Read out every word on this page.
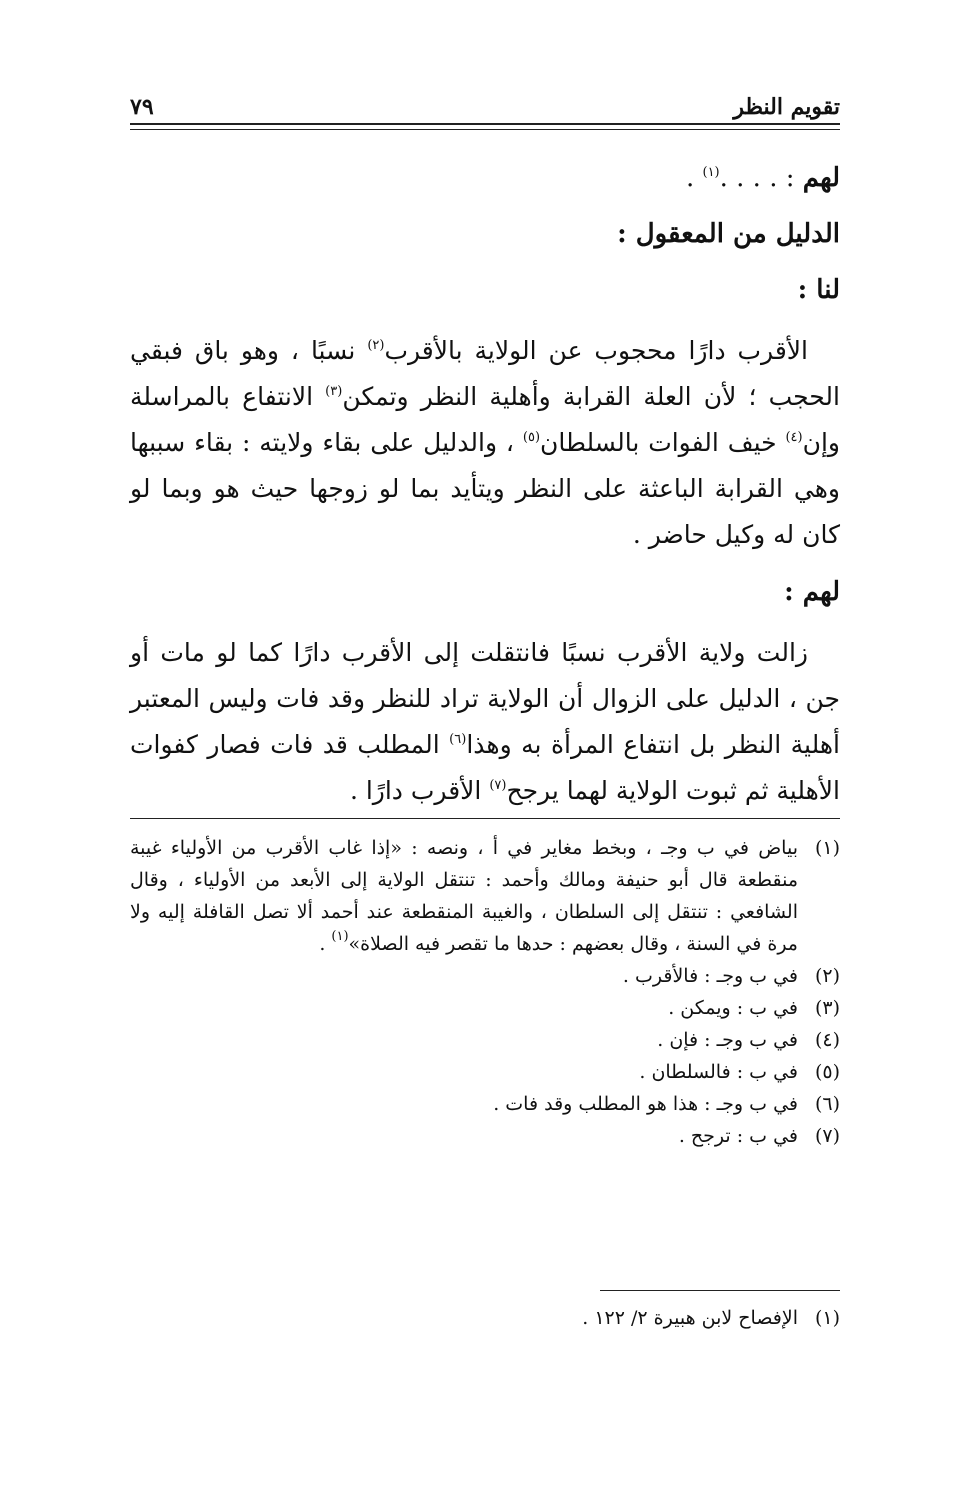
تقويم النظر
٧٩

لهم : . . . .$^{(١)}$ .

الدليل من المعقول :

لنا :

الأقرب دارًا محجوب عن الولاية بالأقرب$^{(٢)}$ نسبًا ، وهو باق فبقي الحجب ؛ لأن العلة القرابة وأهلية النظر وتمكن$^{(٣)}$ الانتفاع بالمراسلة وإن$^{(٤)}$ خيف الفوات بالسلطان$^{(٥)}$ ، والدليل على بقاء ولايته : بقاء سببها وهي القرابة الباعثة على النظر ويتأيد بما لو زوجها حيث هو وبما لو كان له وكيل حاضر .

لهم :

زالت ولاية الأقرب نسبًا فانتقلت إلى الأقرب دارًا كما لو مات أو جن ، الدليل على الزوال أن الولاية تراد للنظر وقد فات وليس المعتبر أهلية النظر بل انتفاع المرأة به وهذا$^{(٦)}$ المطلب قد فات فصار كفوات الأهلية ثم ثبوت الولاية لهما يرجح$^{(٧)}$ الأقرب دارًا .

(١)
بياض في ب وجـ ، وبخط مغاير في أ ، ونصه : «إذا غاب الأقرب من الأولياء غيبة منقطعة قال أبو حنيفة ومالك وأحمد : تنتقل الولاية إلى الأبعد من الأولياء ، وقال الشافعي : تنتقل إلى السلطان ، والغيبة المنقطعة عند أحمد ألا تصل القافلة إليه ولا مرة في السنة ، وقال بعضهم : حدها ما تقصر فيه الصلاة»$^{(١)}$ .
(٢)
في ب وجـ : فالأقرب .
(٣)
في ب : ويمكن .
(٤)
في ب وجـ : فإن .
(٥)
في ب : فالسلطان .
(٦)
في ب وجـ : هذا هو المطلب وقد فات .
(٧)
في ب : ترجح .
(١)
الإفصاح لابن هبيرة ٢/ ١٢٢ .
